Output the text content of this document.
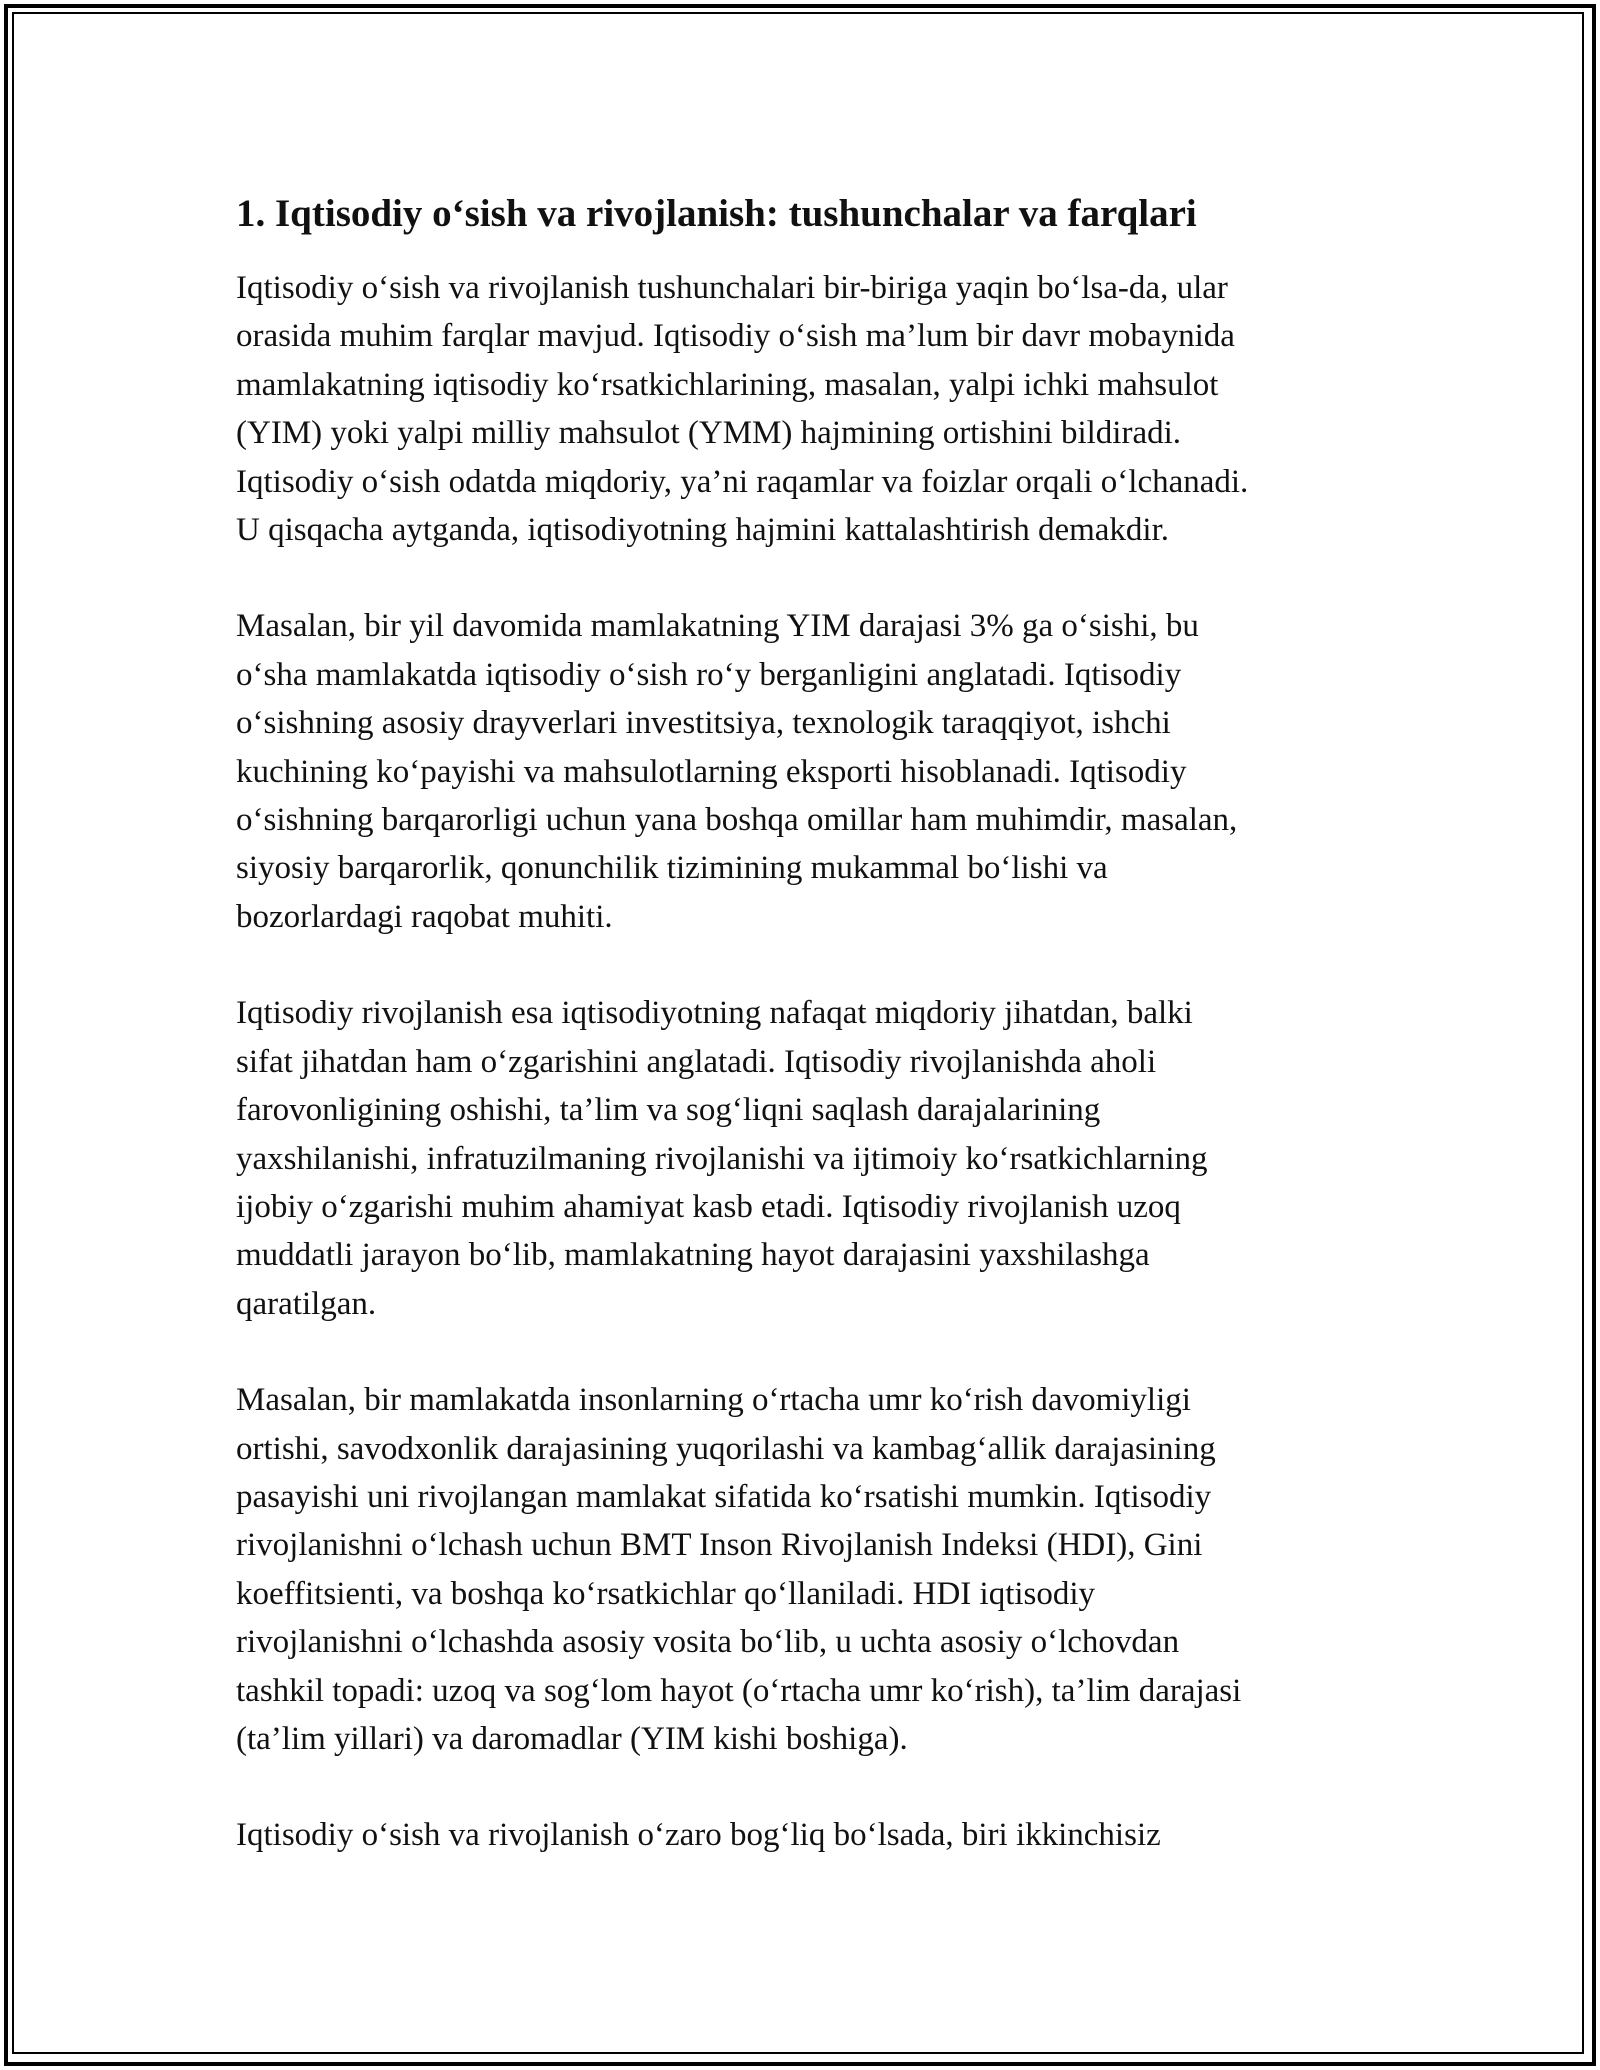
1. Iqtisodiy o‘sish va rivojlanish: tushunchalar va farqlari

Iqtisodiy o‘sish va rivojlanish tushunchalari bir-biriga yaqin bo‘lsa-da, ular
orasida muhim farqlar mavjud. Iqtisodiy o‘sish ma’lum bir davr mobaynida
mamlakatning iqtisodiy ko‘rsatkichlarining, masalan, yalpi ichki mahsulot
(YIM) yoki yalpi milliy mahsulot (YMM) hajmining ortishini bildiradi.
Iqtisodiy o‘sish odatda miqdoriy, ya’ni raqamlar va foizlar orqali o‘lchanadi.
U qisqacha aytganda, iqtisodiyotning hajmini kattalashtirish demakdir.

Masalan, bir yil davomida mamlakatning YIM darajasi 3% ga o‘sishi, bu
o‘sha mamlakatda iqtisodiy o‘sish ro‘y berganligini anglatadi. Iqtisodiy
o‘sishning asosiy drayverlari investitsiya, texnologik taraqqiyot, ishchi
kuchining ko‘payishi va mahsulotlarning eksporti hisoblanadi. Iqtisodiy
o‘sishning barqarorligi uchun yana boshqa omillar ham muhimdir, masalan,
siyosiy barqarorlik, qonunchilik tizimining mukammal bo‘lishi va
bozorlardagi raqobat muhiti.

Iqtisodiy rivojlanish esa iqtisodiyotning nafaqat miqdoriy jihatdan, balki
sifat jihatdan ham o‘zgarishini anglatadi. Iqtisodiy rivojlanishda aholi
farovonligining oshishi, ta’lim va sog‘liqni saqlash darajalarining
yaxshilanishi, infratuzilmaning rivojlanishi va ijtimoiy ko‘rsatkichlarning
ijobiy o‘zgarishi muhim ahamiyat kasb etadi. Iqtisodiy rivojlanish uzoq
muddatli jarayon bo‘lib, mamlakatning hayot darajasini yaxshilashga
qaratilgan.

Masalan, bir mamlakatda insonlarning o‘rtacha umr ko‘rish davomiyligi
ortishi, savodxonlik darajasining yuqorilashi va kambag‘allik darajasining
pasayishi uni rivojlangan mamlakat sifatida ko‘rsatishi mumkin. Iqtisodiy
rivojlanishni o‘lchash uchun BMT Inson Rivojlanish Indeksi (HDI), Gini
koeffitsienti, va boshqa ko‘rsatkichlar qo‘llaniladi. HDI iqtisodiy
rivojlanishni o‘lchashda asosiy vosita bo‘lib, u uchta asosiy o‘lchovdan
tashkil topadi: uzoq va sog‘lom hayot (o‘rtacha umr ko‘rish), ta’lim darajasi
(ta’lim yillari) va daromadlar (YIM kishi boshiga).

Iqtisodiy o‘sish va rivojlanish o‘zaro bog‘liq bo‘lsada, biri ikkinchisiz
